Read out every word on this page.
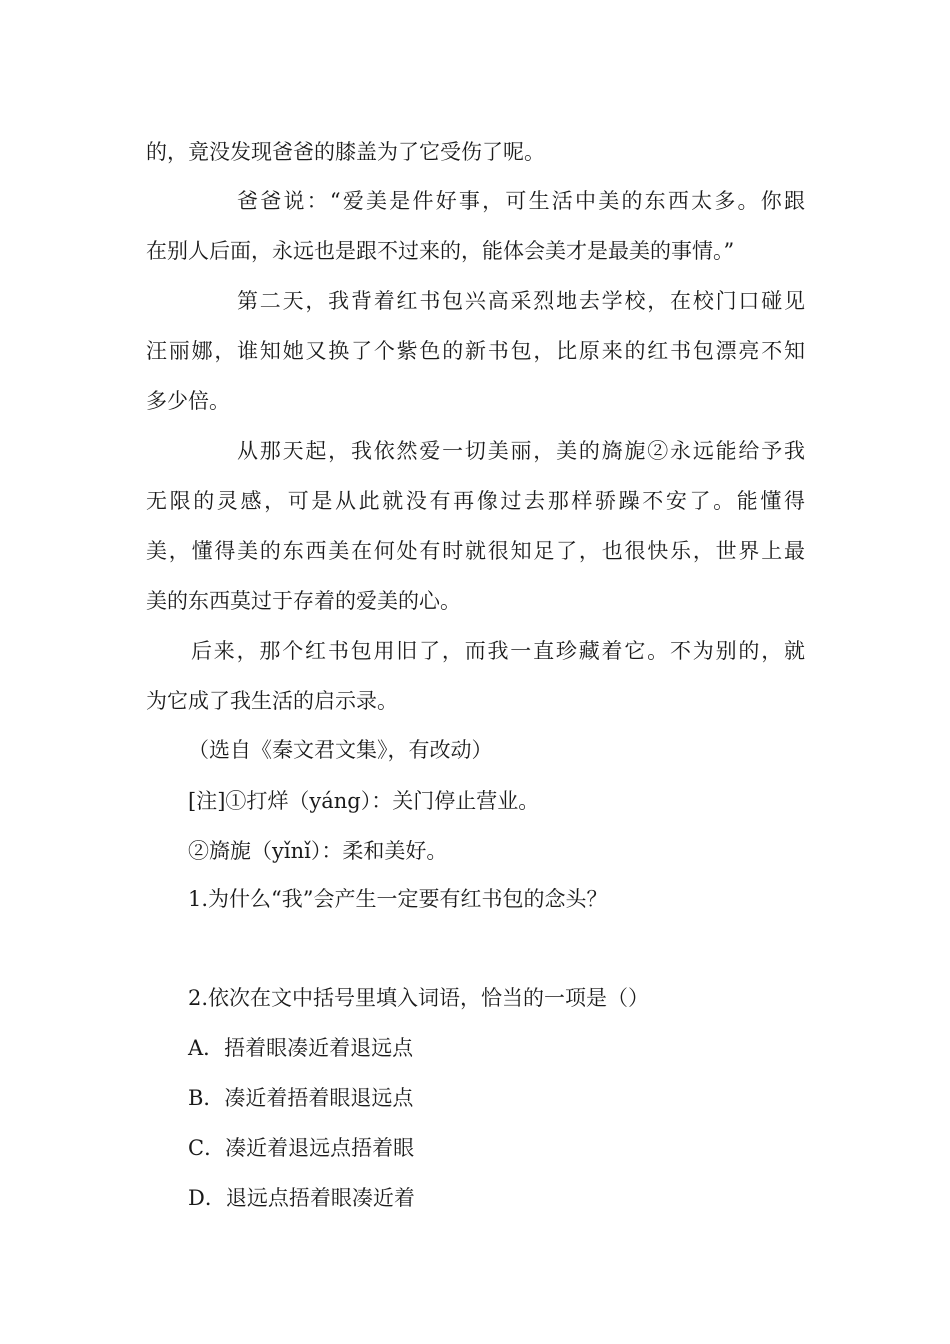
的，竟没发现爸爸的膝盖为了它受伤了呢。
爸爸说：“爱美是件好事，可生活中美的东西太多。你跟
在别人后面，永远也是跟不过来的，能体会美才是最美的事情。”
第二天，我背着红书包兴高采烈地去学校，在校门口碰见
汪丽娜，谁知她又换了个紫色的新书包，比原来的红书包漂亮不知
多少倍。
从那天起，我依然爱一切美丽，美的旖旎②永远能给予我
无限的灵感，可是从此就没有再像过去那样骄躁不安了。能懂得
美，懂得美的东西美在何处有时就很知足了，也很快乐，世界上最
美的东西莫过于存着的爱美的心。
后来，那个红书包用旧了，而我一直珍藏着它。不为别的，就
为它成了我生活的启示录。
（选自《秦文君文集》，有改动）
[注]①打烊（yáng）：关门停止营业。
②旖旎（yǐnǐ）：柔和美好。
1.为什么“我”会产生一定要有红书包的念头？
2.依次在文中括号里填入词语，恰当的一项是（）
A．捂着眼凑近着退远点
B．凑近着捂着眼退远点
C．凑近着退远点捂着眼
D．退远点捂着眼凑近着
